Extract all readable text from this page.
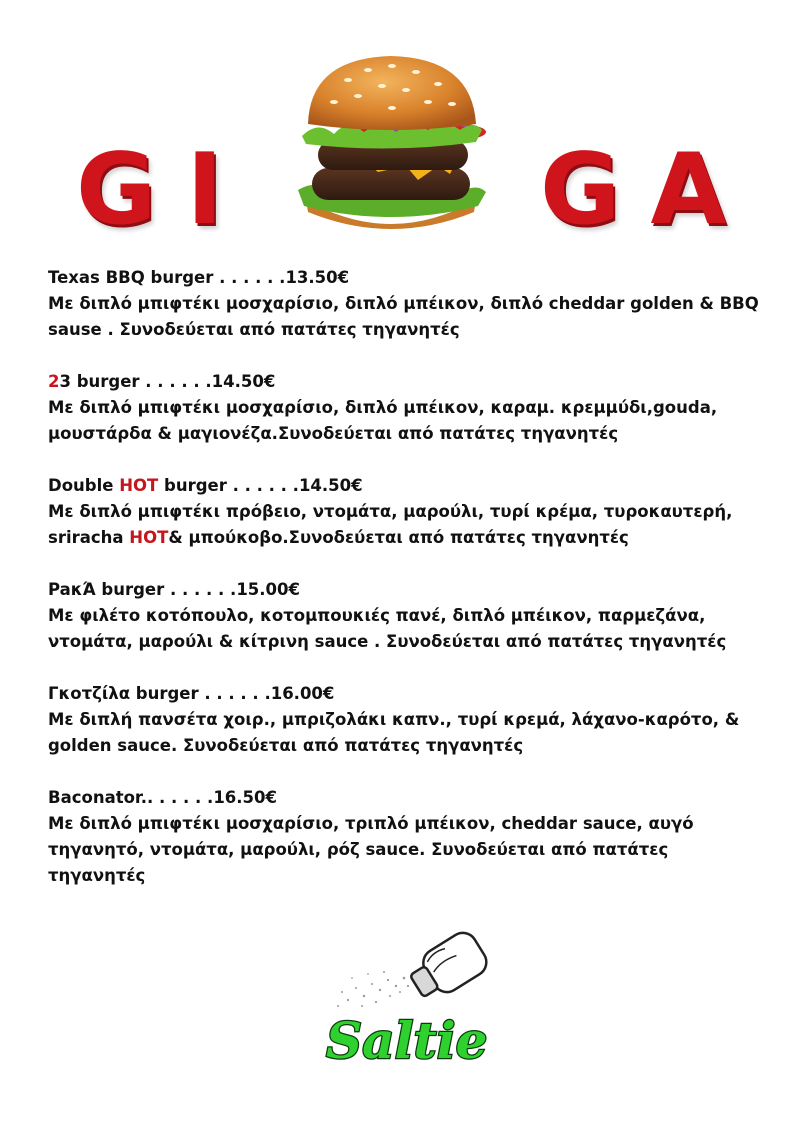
GI	GA

Texas BBQ burger . . . . . .13.50€

Με διπλό μπιφτέκι μοσχαρίσιο, διπλό μπέικον, διπλό cheddar golden & BBQ
sause . Συνοδεύεται από πατάτες τηγανητές

23 burger . . . . . .14.50€

Με διπλό μπιφτέκι μοσχαρίσιο, διπλό μπέικον, καραμ. κρεμμύδι,gouda,
μουστάρδα & μαγιονέζα.Συνοδεύεται από πατάτες τηγανητές

Double HOT burger . . . . . .14.50€

Με διπλό μπιφτέκι πρόβειο, ντομάτα, μαρούλι, τυρί κρέμα, τυροκαυτερή,
sriracha HOT& μπούκοβο.Συνοδεύεται από πατάτες τηγανητές

PaκΆ burger . . . . . .15.00€

Με φιλέτο κοτόπουλο, κοτομπουκιές πανέ, διπλό μπέικον, παρμεζάνα,
ντομάτα, μαρούλι & κίτρινη sauce . Συνοδεύεται από πατάτες τηγανητές

Γκοτζίλα burger . . . . . .16.00€

Με διπλή πανσέτα χοιρ., μπριζολάκι καπν., τυρί κρεμά, λάχανο-καρότο, &
golden sauce. Συνοδεύεται από πατάτες τηγανητές

Baconator.. . . . . .16.50€

Με διπλό μπιφτέκι μοσχαρίσιο, τριπλό μπέικον, cheddar sauce, αυγό
τηγανητό, ντομάτα, μαρούλι, ρόζ sauce. Συνοδεύεται από πατάτες τηγανητές

Saltie
